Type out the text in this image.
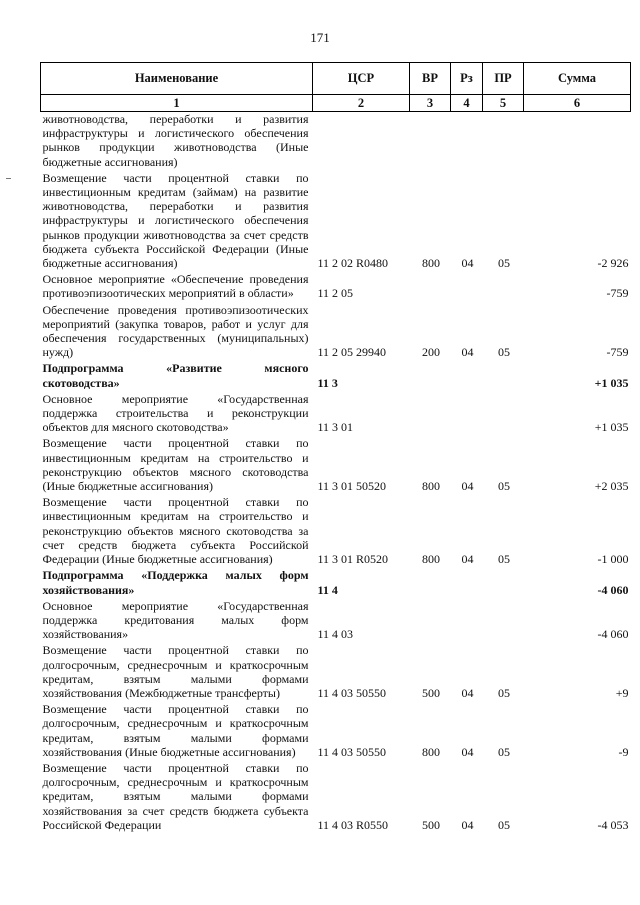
171
Наименование	ЦСР	ВР	Рз	ПР	Сумма
1	2	3	4	5	6
животноводства, переработки и развития инфраструктуры и логистического обеспечения рынков продукции животноводства (Иные бюджетные ассигнования)					
Возмещение части процентной ставки по инвестиционным кредитам (займам) на развитие животноводства, переработки и развития инфраструктуры и логистического обеспечения рынков продукции животноводства за счет средств бюджета субъекта Российской Федерации (Иные бюджетные ассигнования)	11 2 02 R0480	800	04	05	-2 926
Основное мероприятие «Обеспечение проведения противоэпизоотических мероприятий в области»	11 2 05				-759
Обеспечение проведения противоэпизоотических мероприятий (закупка товаров, работ и услуг для обеспечения государственных (муниципальных) нужд)	11 2 05 29940	200	04	05	-759
Подпрограмма «Развитие мясного скотоводства»	11 3				+1 035
Основное мероприятие «Государственная поддержка строительства и реконструкции объектов для мясного скотоводства»	11 3 01				+1 035
Возмещение части процентной ставки по инвестиционным кредитам на строительство и реконструкцию объектов мясного скотоводства (Иные бюджетные ассигнования)	11 3 01 50520	800	04	05	+2 035
Возмещение части процентной ставки по инвестиционным кредитам на строительство и реконструкцию объектов мясного скотоводства за счет средств бюджета субъекта Российской Федерации (Иные бюджетные ассигнования)	11 3 01 R0520	800	04	05	-1 000
Подпрограмма «Поддержка малых форм хозяйствования»	11 4				-4 060
Основное мероприятие «Государственная поддержка кредитования малых форм хозяйствования»	11 4 03				-4 060
Возмещение части процентной ставки по долгосрочным, среднесрочным и краткосрочным кредитам, взятым малыми формами хозяйствования (Межбюджетные трансферты)	11 4 03 50550	500	04	05	+9
Возмещение части процентной ставки по долгосрочным, среднесрочным и краткосрочным кредитам, взятым малыми формами хозяйствования (Иные бюджетные ассигнования)	11 4 03 50550	800	04	05	-9
Возмещение части процентной ставки по долгосрочным, среднесрочным и краткосрочным кредитам, взятым малыми формами хозяйствования за счет средств бюджета субъекта Российской Федерации	11 4 03 R0550	500	04	05	-4 053
